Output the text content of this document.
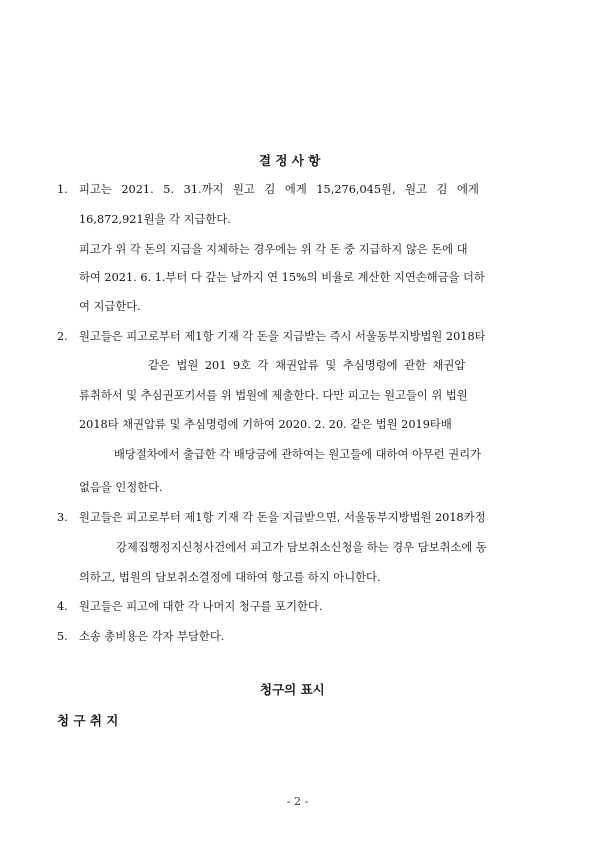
결 정 사 항
1. 피고는 2021. 5. 31.까지 원고 김 에게 15,276,045원, 원고 김 에게
16,872,921원을 각 지급한다.
피고가 위 각 돈의 지급을 지체하는 경우에는 위 각 돈 중 지급하지 않은 돈에 대
하여 2021. 6. 1.부터 다 갚는 날까지 연 15%의 비율로 계산한 지연손해금을 더하
여 지급한다.
2. 원고들은 피고로부터 제1항 기재 각 돈을 지급받는 즉시 서울동부지방법원 2018타
같은 법원 201 9호 각 채권압류 및 추심명령에 관한 채권압
류취하서 및 추심권포기서를 위 법원에 제출한다. 다만 피고는 원고들이 위 법원
2018타 채권압류 및 추심명령에 기하여 2020. 2. 20. 같은 법원 2019타배
배당절차에서 출급한 각 배당금에 관하여는 원고들에 대하여 아무런 권리가
없음을 인정한다.
3. 원고들은 피고로부터 제1항 기재 각 돈을 지급받으면, 서울동부지방법원 2018카정
강제집행정지신청사건에서 피고가 담보취소신청을 하는 경우 담보취소에 동
의하고, 법원의 담보취소결정에 대하여 항고를 하지 아니한다.
4. 원고들은 피고에 대한 각 나머지 청구를 포기한다.
5. 소송 총비용은 각자 부담한다.
청구의 표시
청 구 취 지
- 2 -
